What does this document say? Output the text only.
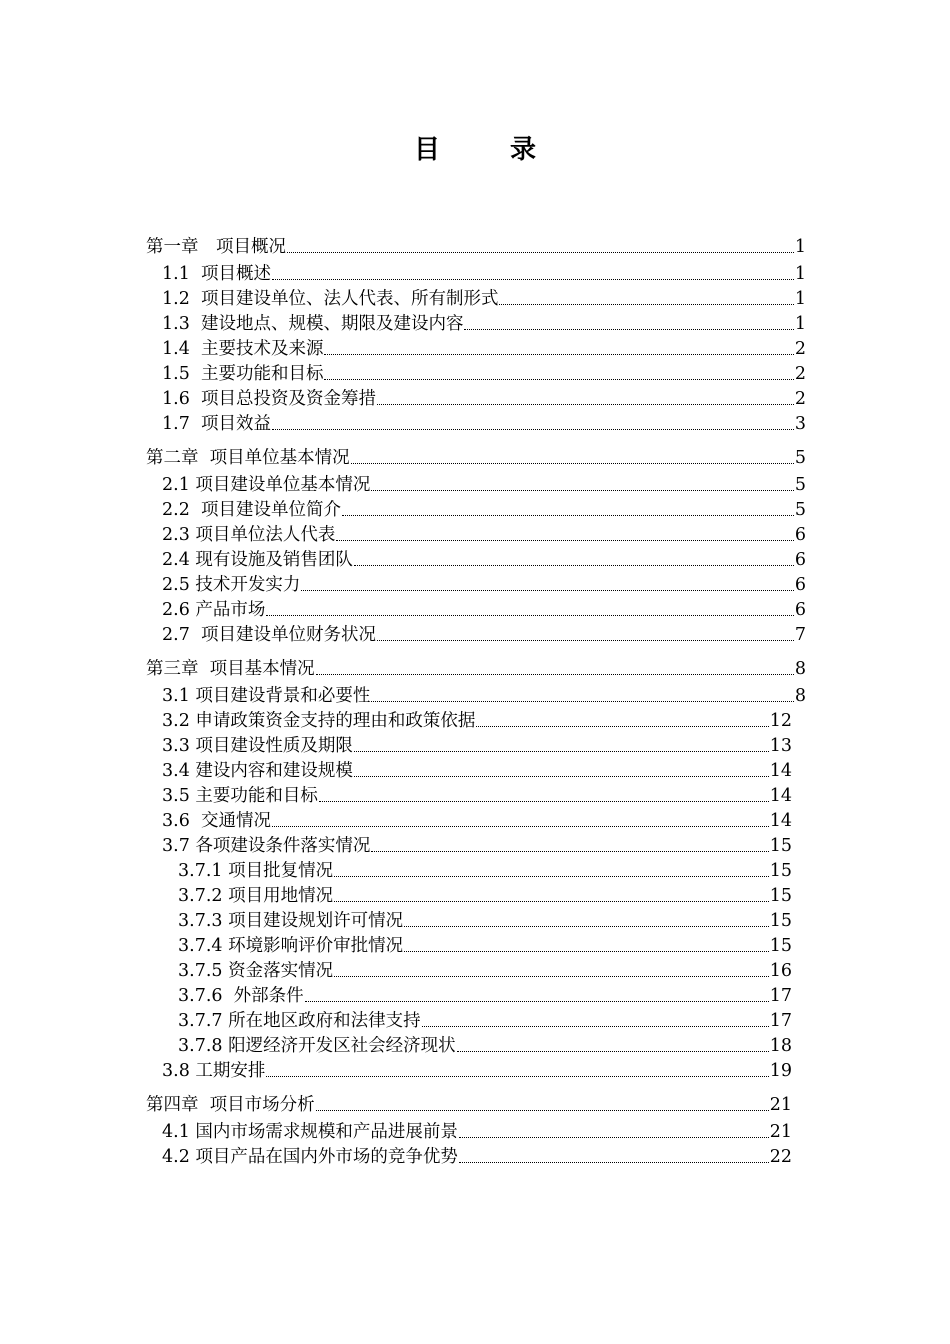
目　录
第一章　项目概况	1
1.1  项目概述	1
1.2  项目建设单位、法人代表、所有制形式	1
1.3  建设地点、规模、期限及建设内容	1
1.4  主要技术及来源	2
1.5  主要功能和目标	2
1.6  项目总投资及资金筹措	2
1.7  项目效益	3
第二章  项目单位基本情况	5
2.1 项目建设单位基本情况	5
2.2  项目建设单位简介	5
2.3 项目单位法人代表	6
2.4 现有设施及销售团队	6
2.5 技术开发实力	6
2.6 产品市场	6
2.7  项目建设单位财务状况	7
第三章  项目基本情况	8
3.1 项目建设背景和必要性	8
3.2 申请政策资金支持的理由和政策依据	12
3.3 项目建设性质及期限	13
3.4 建设内容和建设规模	14
3.5 主要功能和目标	14
3.6  交通情况	14
3.7 各项建设条件落实情况	15
3.7.1 项目批复情况	15
3.7.2 项目用地情况	15
3.7.3 项目建设规划许可情况	15
3.7.4 环境影响评价审批情况	15
3.7.5 资金落实情况	16
3.7.6  外部条件	17
3.7.7 所在地区政府和法律支持	17
3.7.8 阳逻经济开发区社会经济现状	18
3.8 工期安排	19
第四章  项目市场分析	21
4.1 国内市场需求规模和产品进展前景	21
4.2 项目产品在国内外市场的竞争优势	22
